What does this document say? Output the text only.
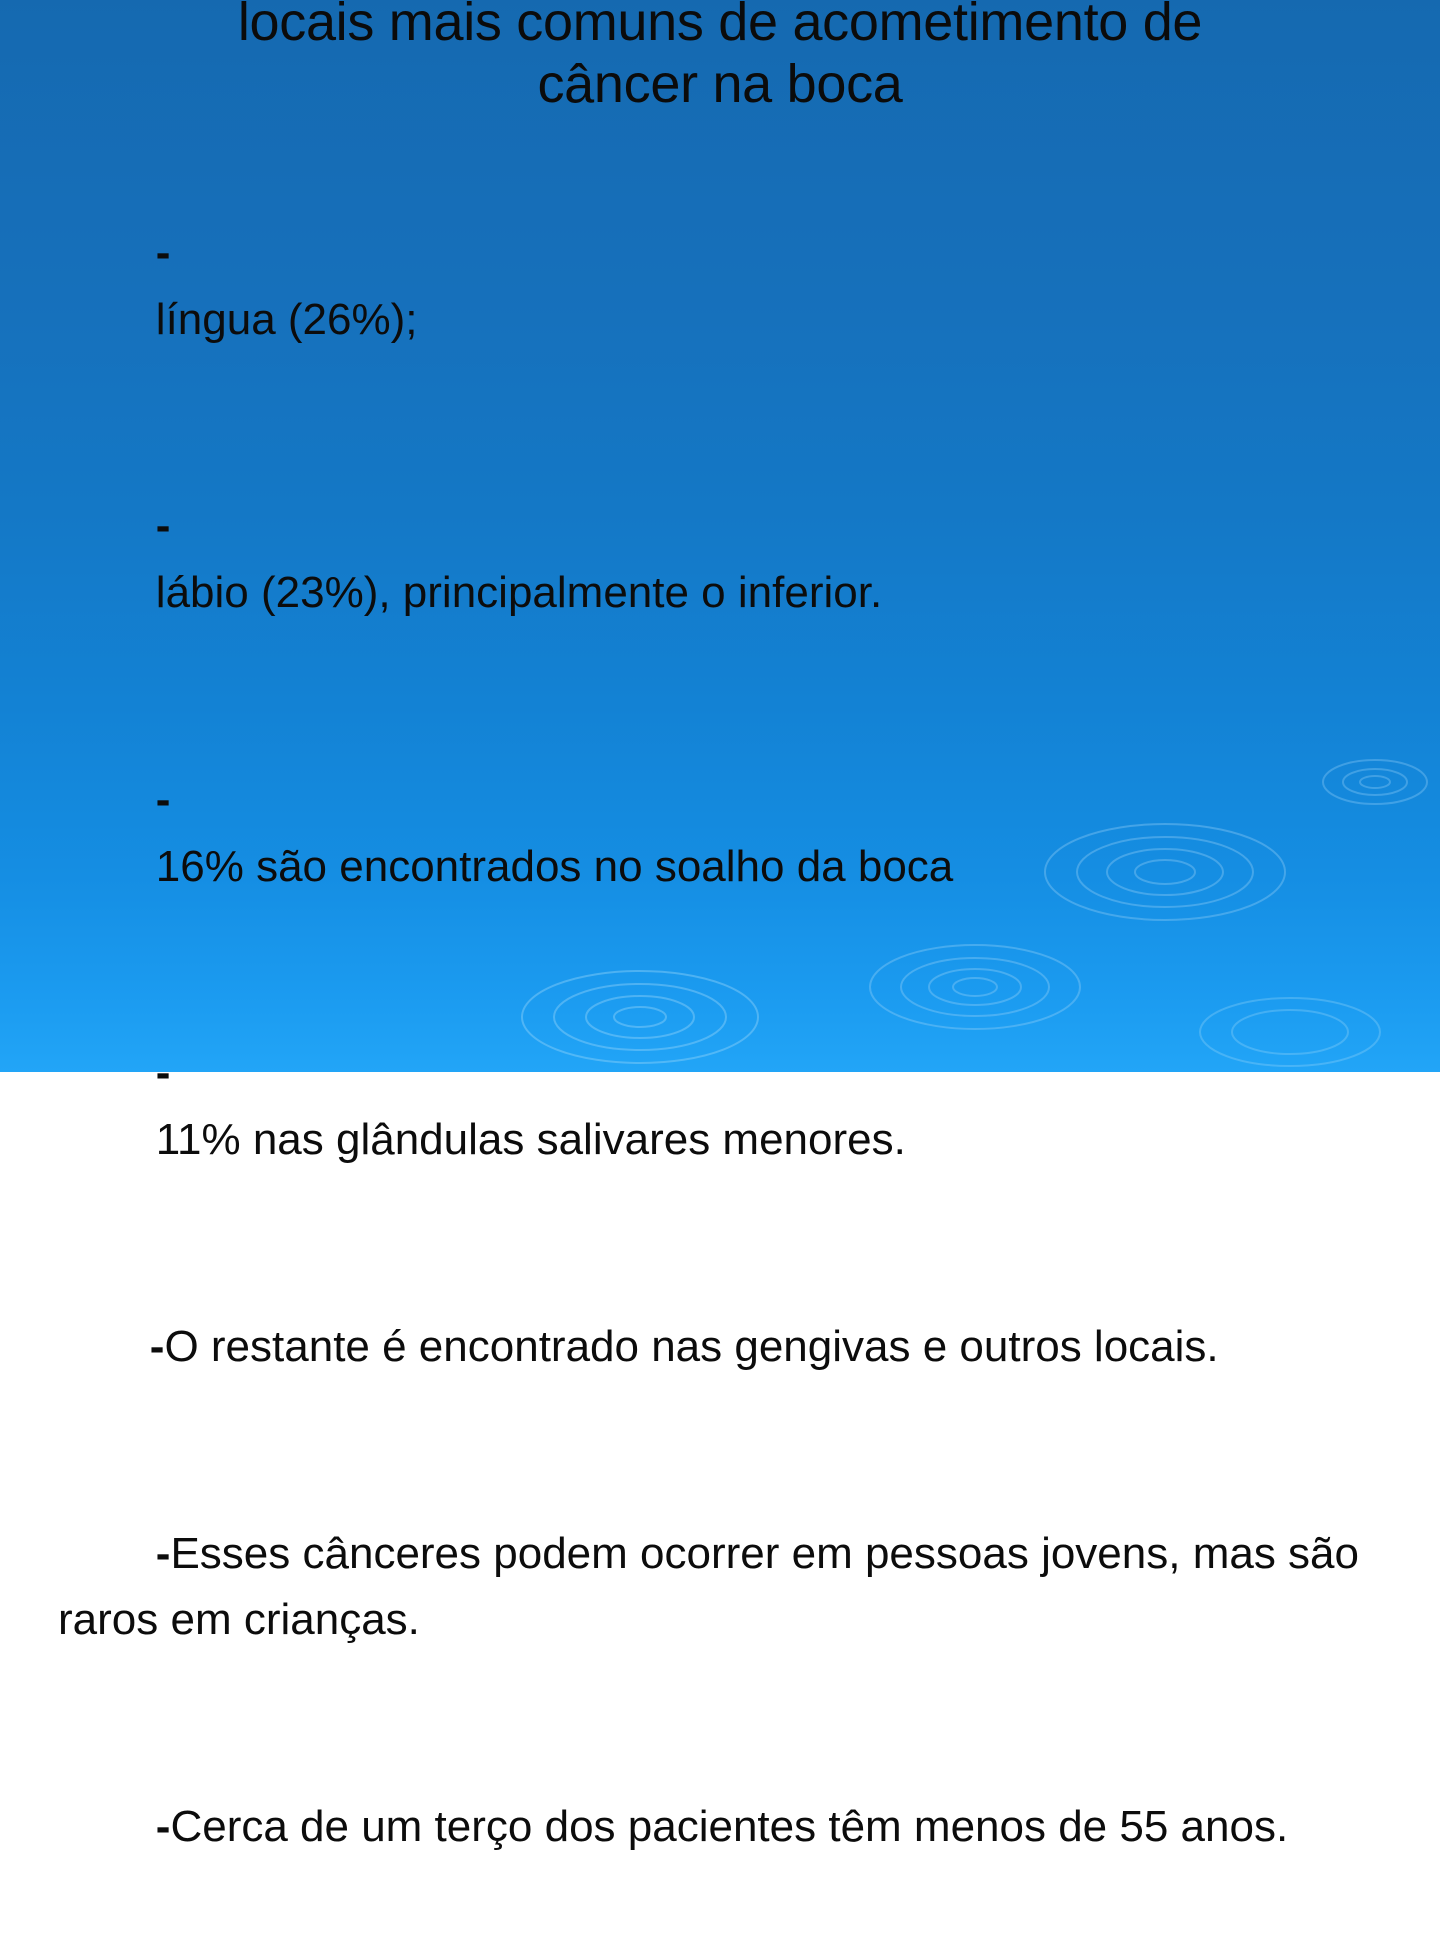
locais mais comuns de acometimento de
câncer na boca

-
língua (26%);

-
lábio (23%), principalmente o inferior.

-
16% são encontrados no soalho da boca

-
11% nas glândulas salivares menores.

-O restante é encontrado nas gengivas e outros locais.

-Esses cânceres podem ocorrer em pessoas jovens, mas são raros em crianças.

-Cerca de um terço dos pacientes têm menos de 55 anos.
